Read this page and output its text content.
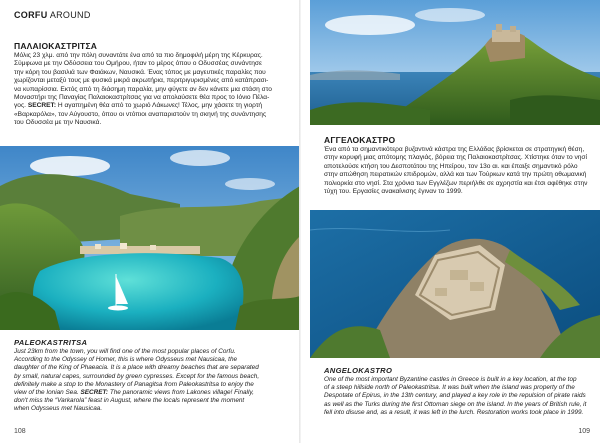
CORFU AROUND
ΠΑΛΑΙΟΚΑΣΤΡΙΤΣΑ
Μόλις 23 χλμ. από την πόλη συναντάτε ένα από τα πιο δημοφιλή μέρη της Κέρκυρας.
Σύμφωνα με την Οδύσσεια του Ομήρου, ήταν το μέρος όπου ο Οδυσσέας συνάντησε
την κόρη του βασιλιά των Φαιάκων, Ναυσικά. Ένας τόπος με μαγευτικές παραλίες που
χωρίζονται μεταξύ τους με φυσικά μικρά ακρωτήρια, περιτριγυρισμένες από κατάπρασι-
να κυπαρίσσια. Εκτός από τη διάσημη παραλία, μην φύγετε αν δεν κάνετε μια στάση στο
Μοναστήρι της Παναγίας Παλαιοκαστρίτσας για να απολαύσετε θέα προς το Ιόνιο Πέλα-
γος. SECRET: Η αγαπημένη θέα από το χωριό Λάκωνες! Τέλος, μην χάσετε τη γιορτή
«Βαρκαρόλα», τον Αύγουστο, όπου οι ντόπιοι αναπαριστούν τη σκηνή της συνάντησης
του Οδυσσέα με την Ναυσικά.
PALEOKASTRITSA
Just 23km from the town, you will find one of the most popular places of Corfu.
According to the Odyssey of Homer, this is where Odysseus met Nausicaa, the
daughter of the King of Phaeacia. It is a place with dreamy beaches that are separated
by small, natural capes, surrounded by green cypresses. Except for the famous beach,
definitely make a stop to the Monastery of Panagitsa from Paleokastritsa to enjoy the
view of the Ionian Sea. SECRET: The panoramic views from Lakones village! Finally,
don't miss the “Varkarola” feast in August, where the locals represent the moment
when Odysseus met Nausicaa.
108
ΑΓΓΕΛΟΚΑΣΤΡΟ
Ένα από τα σημαντικότερα βυζαντινά κάστρα της Ελλάδας βρίσκεται σε στρατηγική θέση,
στην κορυφή μιας απότομης πλαγιάς, βόρεια της Παλαιοκαστρίτσας. Χτίστηκε όταν το νησί
αποτελούσε κτήση του Δεσποτάτου της Ηπείρου, τον 13ο αι. και έπαιξε σημαντικό ρόλο
στην απώθηση πειρατικών επιδρομών, αλλά και των Τούρκων κατά την πρώτη οθωμανική
πολιορκία στο νησί. Στα χρόνια των Εγγλέζων περιήλθε σε αχρηστία και έτσι αφέθηκε στην
τύχη του. Εργασίες ανακαίνισης έγιναν το 1999.
ANGELOKASTRO
One of the most important Byzantine castles in Greece is built in a key location, at the top
of a steep hillside north of Paleokastritsa. It was built when the island was property of the
Despotate of Epirus, in the 13th century, and played a key role in the repulsion of pirate raids
as well as the Turks during the first Ottoman siege on the island. In the years of British rule, it
fell into disuse and, as a result, it was left in the lurch. Restoration works took place in 1999.
109
